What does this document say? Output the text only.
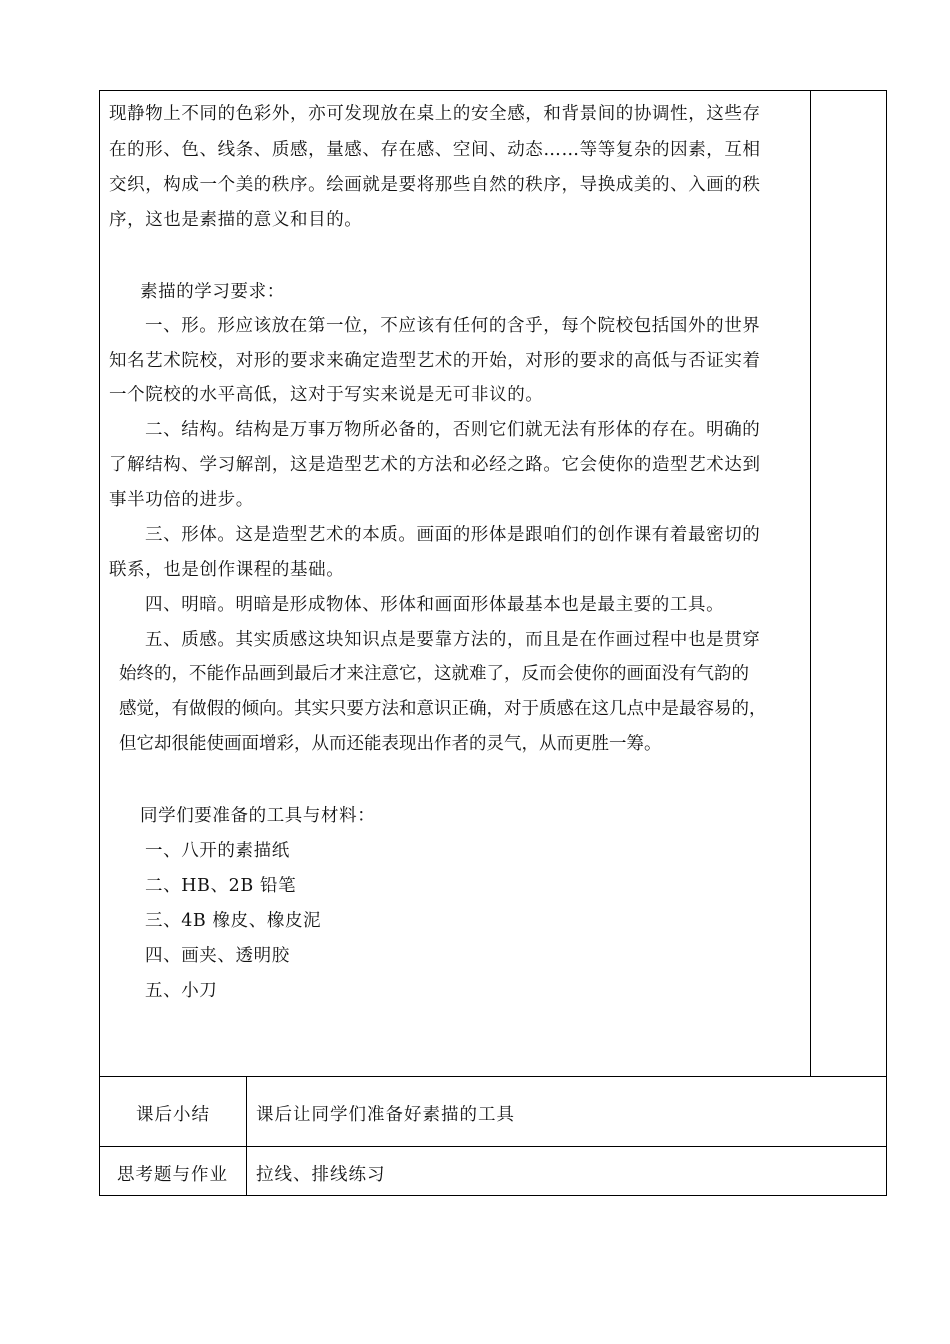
现静物上不同的色彩外，亦可发现放在桌上的安全感，和背景间的协调性，这些存
在的形、色、线条、质感，量感、存在感、空间、动态……等等复杂的因素，互相
交织，构成一个美的秩序。绘画就是要将那些自然的秩序，导换成美的、入画的秩
序，这也是素描的意义和目的。
素描的学习要求：
一、形。形应该放在第一位，不应该有任何的含乎，每个院校包括国外的世界
知名艺术院校，对形的要求来确定造型艺术的开始，对形的要求的高低与否证实着
一个院校的水平高低，这对于写实来说是无可非议的。
二、结构。结构是万事万物所必备的，否则它们就无法有形体的存在。明确的
了解结构、学习解剖，这是造型艺术的方法和必经之路。它会使你的造型艺术达到
事半功倍的进步。
三、形体。这是造型艺术的本质。画面的形体是跟咱们的创作课有着最密切的
联系，也是创作课程的基础。
四、明暗。明暗是形成物体、形体和画面形体最基本也是最主要的工具。
五、质感。其实质感这块知识点是要靠方法的，而且是在作画过程中也是贯穿
始终的，不能作品画到最后才来注意它，这就难了，反而会使你的画面没有气韵的
感觉，有做假的倾向。其实只要方法和意识正确，对于质感在这几点中是最容易的，
但它却很能使画面增彩，从而还能表现出作者的灵气，从而更胜一筹。
同学们要准备的工具与材料：
一、八开的素描纸
二、HB、2B 铅笔
三、4B 橡皮、橡皮泥
四、画夹、透明胶
五、小刀
课后小结	课后让同学们准备好素描的工具
思考题与作业 拉线、排线练习
